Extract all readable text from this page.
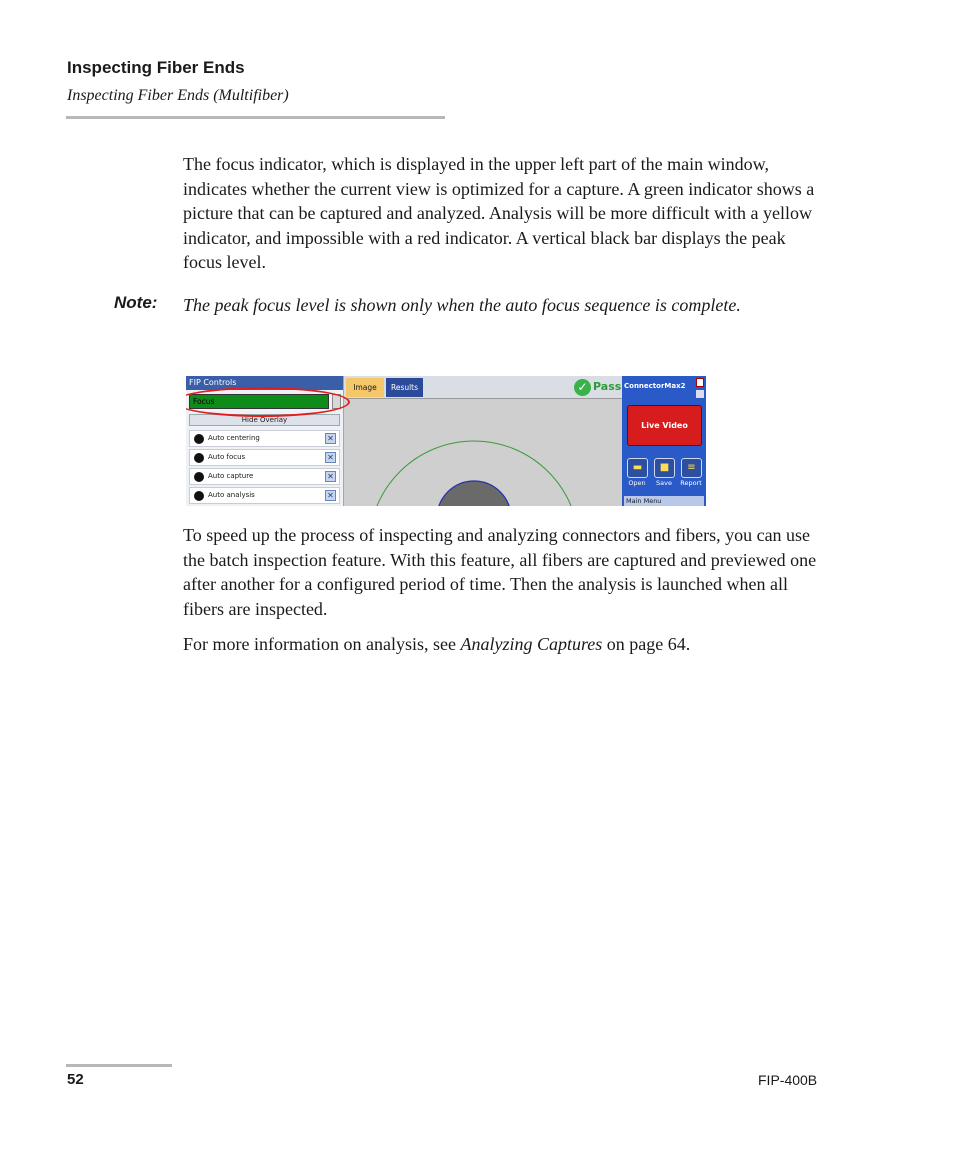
Inspecting Fiber Ends
Inspecting Fiber Ends (Multifiber)

The focus indicator, which is displayed in the upper left part of the main window, indicates whether the current view is optimized for a capture. A green indicator shows a picture that can be captured and analyzed. Analysis will be more difficult with a yellow indicator, and impossible with a red indicator. A vertical black bar displays the peak focus level.

Note: The peak focus level is shown only when the auto focus sequence is complete.

FIP Controls
Focus
Hide Overlay
Auto centering	✕
Auto focus	✕
Auto capture	✕
Auto analysis	✕
Image	Results	✓ Pass ConnectorMax2
Live Video
▬
Open
■
Save
≡
Report
Main Menu

To speed up the process of inspecting and analyzing connectors and fibers, you can use the batch inspection feature. With this feature, all fibers are captured and previewed one after another for a configured period of time. Then the analysis is launched when all fibers are inspected.

For more information on analysis, see Analyzing Captures on page 64.

52	FIP-400B
